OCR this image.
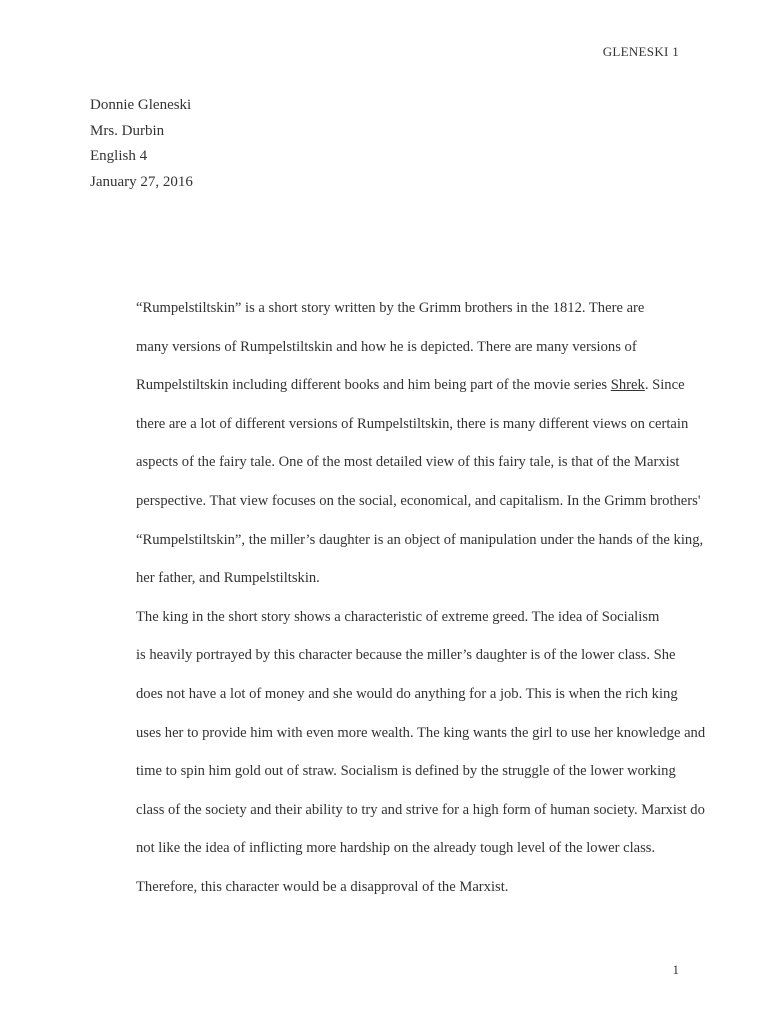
GLENESKI 1
Donnie Gleneski
Mrs. Durbin
English 4
January 27, 2016

“Rumpelstiltskin” is a short story written by the Grimm brothers in the 1812. There are
many versions of Rumpelstiltskin and how he is depicted. There are many versions of
Rumpelstiltskin including different books and him being part of the movie series Shrek. Since
there are a lot of different versions of Rumpelstiltskin, there is many different views on certain
aspects of the fairy tale. One of the most detailed view of this fairy tale, is that of the Marxist
perspective. That view focuses on the social, economical, and capitalism. In the Grimm brothers'
“Rumpelstiltskin”, the miller’s daughter is an object of manipulation under the hands of the king,
her father, and Rumpelstiltskin.

The king in the short story shows a characteristic of extreme greed. The idea of Socialism
is heavily portrayed by this character because the miller’s daughter is of the lower class. She
does not have a lot of money and she would do anything for a job. This is when the rich king
uses her to provide him with even more wealth. The king wants the girl to use her knowledge and
time to spin him gold out of straw. Socialism is defined by the struggle of the lower working
class of the society and their ability to try and strive for a high form of human society. Marxist do
not like the idea of inflicting more hardship on the already tough level of the lower class.
Therefore, this character would be a disapproval of the Marxist.

1
